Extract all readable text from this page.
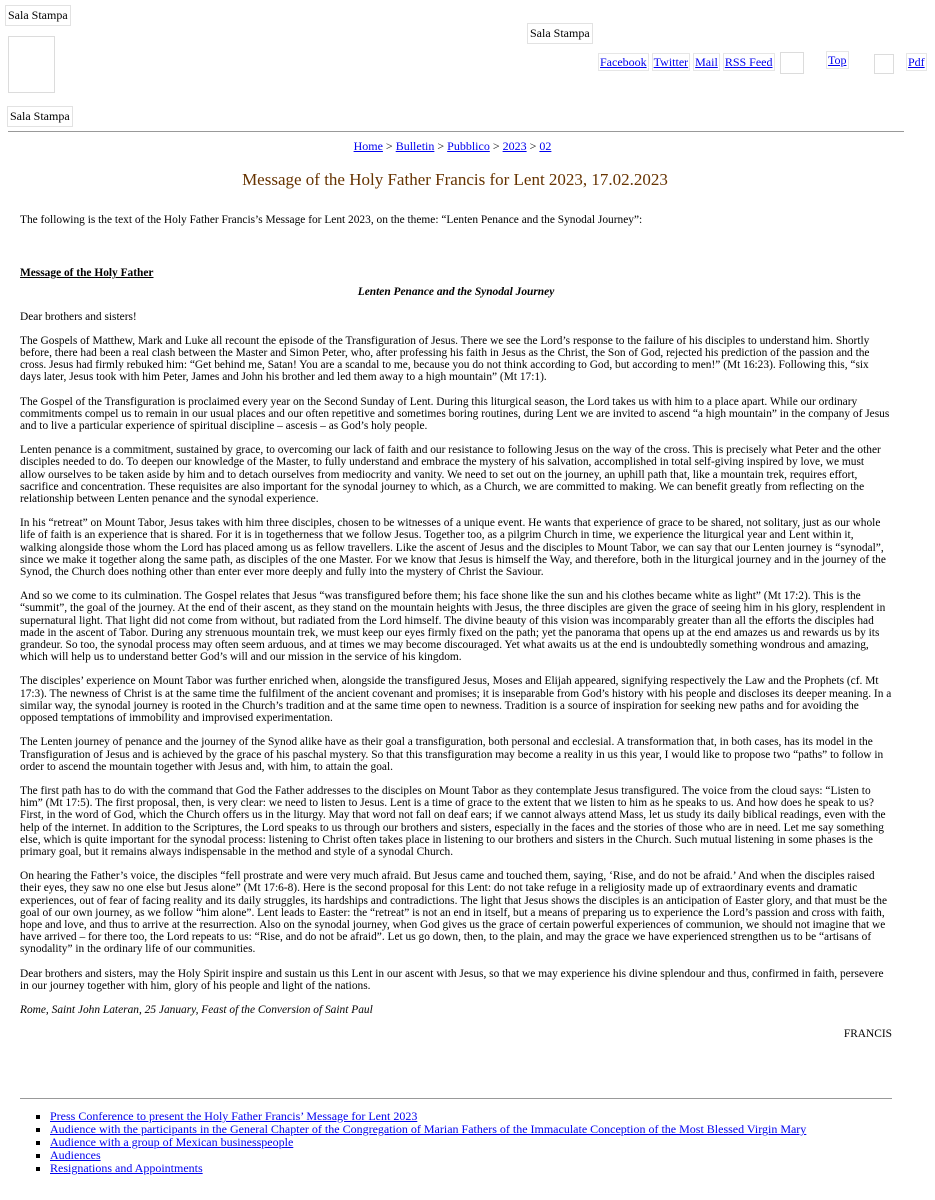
Sala Stampa
Sala Stampa
Facebook Twitter Mail RSS Feed	Top	Pdf
Sala Stampa
Home > Bulletin > Pubblico > 2023 > 02
Message of the Holy Father Francis for Lent 2023, 17.02.2023

The following is the text of the Holy Father Francis’s Message for Lent 2023, on the theme: “Lenten Penance and the Synodal Journey”:

Message of the Holy Father

Lenten Penance and the Synodal Journey

Dear brothers and sisters!

The Gospels of Matthew, Mark and Luke all recount the episode of the Transfiguration of Jesus. There we see the Lord’s response to the failure of his disciples to understand him. Shortly before, there had been a real clash between the Master and Simon Peter, who, after professing his faith in Jesus as the Christ, the Son of God, rejected his prediction of the passion and the cross. Jesus had firmly rebuked him: “Get behind me, Satan! You are a scandal to me, because you do not think according to God, but according to men!” (Mt 16:23). Following this, “six days later, Jesus took with him Peter, James and John his brother and led them away to a high mountain” (Mt 17:1).

The Gospel of the Transfiguration is proclaimed every year on the Second Sunday of Lent. During this liturgical season, the Lord takes us with him to a place apart. While our ordinary commitments compel us to remain in our usual places and our often repetitive and sometimes boring routines, during Lent we are invited to ascend “a high mountain” in the company of Jesus and to live a particular experience of spiritual discipline – ascesis – as God’s holy people.

Lenten penance is a commitment, sustained by grace, to overcoming our lack of faith and our resistance to following Jesus on the way of the cross. This is precisely what Peter and the other disciples needed to do. To deepen our knowledge of the Master, to fully understand and embrace the mystery of his salvation, accomplished in total self-giving inspired by love, we must allow ourselves to be taken aside by him and to detach ourselves from mediocrity and vanity. We need to set out on the journey, an uphill path that, like a mountain trek, requires effort, sacrifice and concentration. These requisites are also important for the synodal journey to which, as a Church, we are committed to making. We can benefit greatly from reflecting on the relationship between Lenten penance and the synodal experience.

In his “retreat” on Mount Tabor, Jesus takes with him three disciples, chosen to be witnesses of a unique event. He wants that experience of grace to be shared, not solitary, just as our whole life of faith is an experience that is shared. For it is in togetherness that we follow Jesus. Together too, as a pilgrim Church in time, we experience the liturgical year and Lent within it, walking alongside those whom the Lord has placed among us as fellow travellers. Like the ascent of Jesus and the disciples to Mount Tabor, we can say that our Lenten journey is “synodal”, since we make it together along the same path, as disciples of the one Master. For we know that Jesus is himself the Way, and therefore, both in the liturgical journey and in the journey of the Synod, the Church does nothing other than enter ever more deeply and fully into the mystery of Christ the Saviour.

And so we come to its culmination. The Gospel relates that Jesus “was transfigured before them; his face shone like the sun and his clothes became white as light” (Mt 17:2). This is the “summit”, the goal of the journey. At the end of their ascent, as they stand on the mountain heights with Jesus, the three disciples are given the grace of seeing him in his glory, resplendent in supernatural light. That light did not come from without, but radiated from the Lord himself. The divine beauty of this vision was incomparably greater than all the efforts the disciples had made in the ascent of Tabor. During any strenuous mountain trek, we must keep our eyes firmly fixed on the path; yet the panorama that opens up at the end amazes us and rewards us by its grandeur. So too, the synodal process may often seem arduous, and at times we may become discouraged. Yet what awaits us at the end is undoubtedly something wondrous and amazing, which will help us to understand better God’s will and our mission in the service of his kingdom.

The disciples’ experience on Mount Tabor was further enriched when, alongside the transfigured Jesus, Moses and Elijah appeared, signifying respectively the Law and the Prophets (cf. Mt 17:3). The newness of Christ is at the same time the fulfilment of the ancient covenant and promises; it is inseparable from God’s history with his people and discloses its deeper meaning. In a similar way, the synodal journey is rooted in the Church’s tradition and at the same time open to newness. Tradition is a source of inspiration for seeking new paths and for avoiding the opposed temptations of immobility and improvised experimentation.

The Lenten journey of penance and the journey of the Synod alike have as their goal a transfiguration, both personal and ecclesial. A transformation that, in both cases, has its model in the Transfiguration of Jesus and is achieved by the grace of his paschal mystery. So that this transfiguration may become a reality in us this year, I would like to propose two “paths” to follow in order to ascend the mountain together with Jesus and, with him, to attain the goal.

The first path has to do with the command that God the Father addresses to the disciples on Mount Tabor as they contemplate Jesus transfigured. The voice from the cloud says: “Listen to him” (Mt 17:5). The first proposal, then, is very clear: we need to listen to Jesus. Lent is a time of grace to the extent that we listen to him as he speaks to us. And how does he speak to us? First, in the word of God, which the Church offers us in the liturgy. May that word not fall on deaf ears; if we cannot always attend Mass, let us study its daily biblical readings, even with the help of the internet. In addition to the Scriptures, the Lord speaks to us through our brothers and sisters, especially in the faces and the stories of those who are in need. Let me say something else, which is quite important for the synodal process: listening to Christ often takes place in listening to our brothers and sisters in the Church. Such mutual listening in some phases is the primary goal, but it remains always indispensable in the method and style of a synodal Church.

On hearing the Father’s voice, the disciples “fell prostrate and were very much afraid. But Jesus came and touched them, saying, ‘Rise, and do not be afraid.’ And when the disciples raised their eyes, they saw no one else but Jesus alone” (Mt 17:6-8). Here is the second proposal for this Lent: do not take refuge in a religiosity made up of extraordinary events and dramatic experiences, out of fear of facing reality and its daily struggles, its hardships and contradictions. The light that Jesus shows the disciples is an anticipation of Easter glory, and that must be the goal of our own journey, as we follow “him alone”. Lent leads to Easter: the “retreat” is not an end in itself, but a means of preparing us to experience the Lord’s passion and cross with faith, hope and love, and thus to arrive at the resurrection. Also on the synodal journey, when God gives us the grace of certain powerful experiences of communion, we should not imagine that we have arrived – for there too, the Lord repeats to us: “Rise, and do not be afraid”. Let us go down, then, to the plain, and may the grace we have experienced strengthen us to be “artisans of synodality” in the ordinary life of our communities.

Dear brothers and sisters, may the Holy Spirit inspire and sustain us this Lent in our ascent with Jesus, so that we may experience his divine splendour and thus, confirmed in faith, persevere in our journey together with him, glory of his people and light of the nations.

Rome, Saint John Lateran, 25 January, Feast of the Conversion of Saint Paul

FRANCIS

▪ Press Conference to present the Holy Father Francis’ Message for Lent 2023
▪ Audience with the participants in the General Chapter of the Congregation of Marian Fathers of the Immaculate Conception of the Most Blessed Virgin Mary
▪ Audience with a group of Mexican businesspeople
▪ Audiences
▪ Resignations and Appointments
